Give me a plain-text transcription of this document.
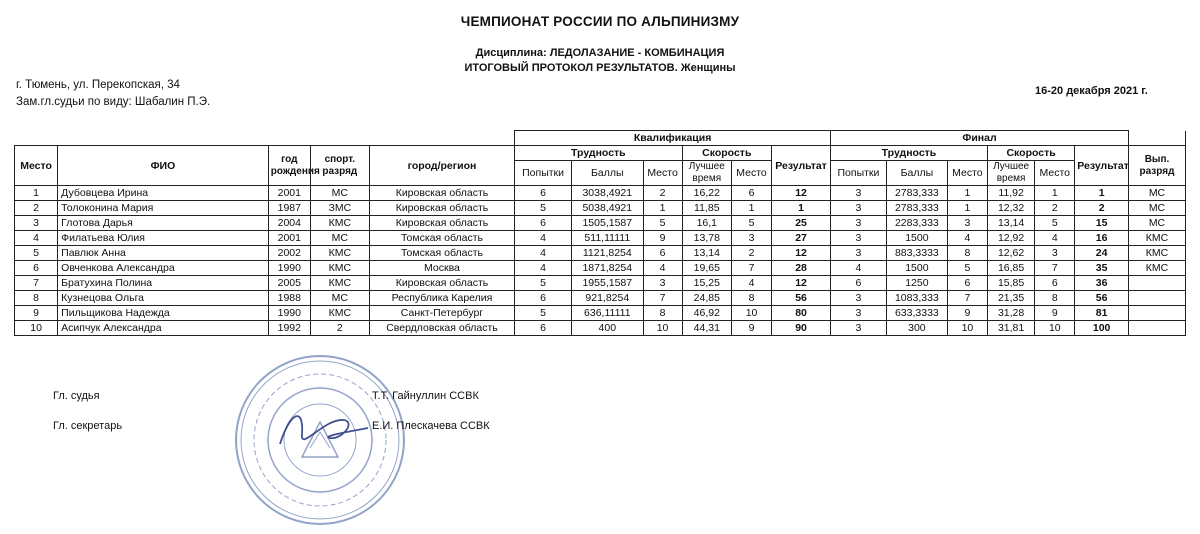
ЧЕМПИОНАТ РОССИИ ПО АЛЬПИНИЗМУ
Дисциплина: ЛЕДОЛАЗАНИЕ - КОМБИНАЦИЯ
ИТОГОВЫЙ ПРОТОКОЛ РЕЗУЛЬТАТОВ. Женщины
г. Тюмень, ул. Перекопская, 34
Зам.гл.судьи по виду: Шабалин П.Э.
16-20 декабря 2021 г.
					Квалификация						Финал						
Место	ФИО	год рождения	спорт. разряд	город/регион	Трудность			Скорость		Результат	Трудность			Скорость		Результат	Вып. разряд
					Попытки	Баллы	Место	Лучшее время	Место		Попытки	Баллы	Место	Лучшее время	Место		
1	Дубовцева Ирина	2001	МС	Кировская область	6	3038,4921	2	16,22	6	12	3	2783,333	1	11,92	1	1	МС
2	Толоконина Мария	1987	ЗМС	Кировская область	5	5038,4921	1	11,85	1	1	3	2783,333	1	12,32	2	2	МС
3	Глотова Дарья	2004	КМС	Кировская область	6	1505,1587	5	16,1	5	25	3	2283,333	3	13,14	5	15	МС
4	Филатьева Юлия	2001	МС	Томская область	4	511,11111	9	13,78	3	27	3	1500	4	12,92	4	16	КМС
5	Павлюк Анна	2002	КМС	Томская область	4	1121,8254	6	13,14	2	12	3	883,3333	8	12,62	3	24	КМС
6	Овченкова Александра	1990	КМС	Москва	4	1871,8254	4	19,65	7	28	4	1500	5	16,85	7	35	КМС
7	Братухина Полина	2005	КМС	Кировская область	5	1955,1587	3	15,25	4	12	6	1250	6	15,85	6	36	
8	Кузнецова Ольга	1988	МС	Республика Карелия	6	921,8254	7	24,85	8	56	3	1083,333	7	21,35	8	56	
9	Пильщикова Надежда	1990	КМС	Санкт-Петербург	5	636,11111	8	46,92	10	80	3	633,3333	9	31,28	9	81	
10	Асипчук Александра	1992	2	Свердловская область	6	400	10	44,31	9	90	3	300	10	31,81	10	100	
Гл. судья	Т.Т. Гайнуллин ССВК
Гл. секретарь	Е.И. Плескачева ССВК
